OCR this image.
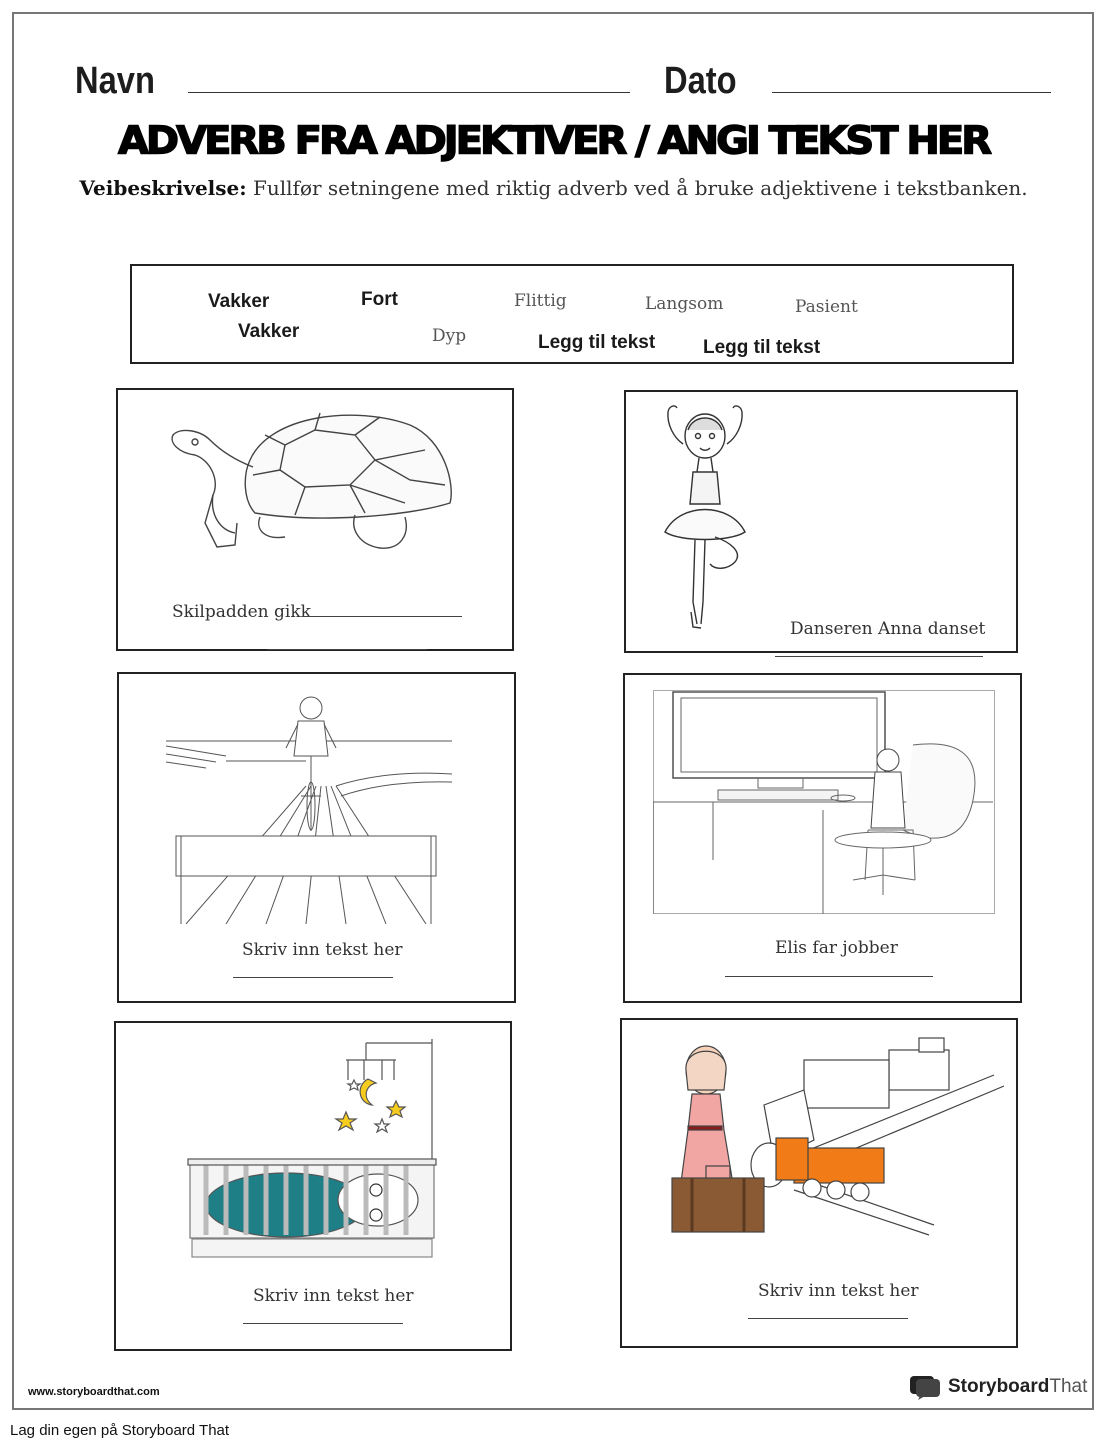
Navn	Dato
ADVERB FRA ADJEKTIVER / ANGI TEKST HER
Veibeskrivelse: Fullfør setningene med riktig adverb ved å bruke adjektivene i tekstbanken.
Vakker	Fort	Flittig	Langsom	Pasient
Vakker	Dyp	Legg til tekst	Legg til tekst
Skilpadden gikk
Danseren Anna danset
Skriv inn tekst her	Elis far jobber
Skriv inn tekst her	Skriv inn tekst her
www.storyboardthat.com	StoryboardThat
Lag din egen på Storyboard That
